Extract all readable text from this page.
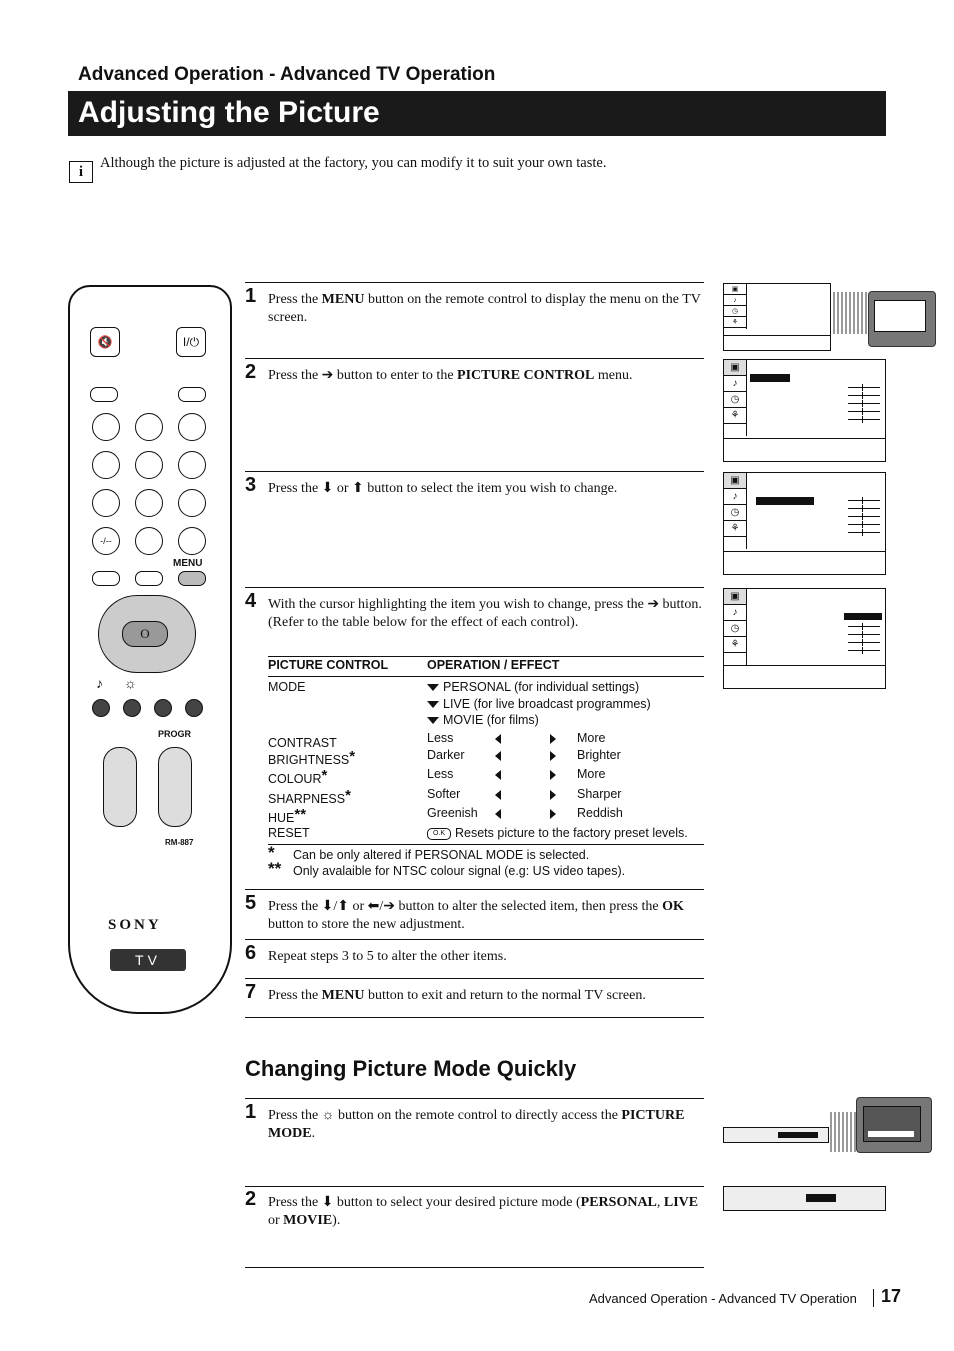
Advanced Operation - Advanced TV Operation
Adjusting the Picture
i
Although the picture is adjusted at the factory, you can modify it to suit your own taste.
🔇	I/⏻
-/--
MENU
O
♪ ☼
PROGR
RM-887
SONY
TV
1 Press the MENU button on the remote control to display the menu on the TV screen.
2 Press the ➔ button to enter to the PICTURE CONTROL menu.
3 Press the ⬇ or ⬆ button to select the item you wish to change.
4 With the cursor highlighting the item you wish to change, press the ➔ button.
(Refer to the table below for the effect of each control).
PICTURE CONTROL	OPERATION / EFFECT
MODE	PERSONAL (for individual settings)
LIVE (for live broadcast programmes)
MOVIE (for films)
CONTRAST	Less	More
BRIGHTNESS*	Darker	Brighter
COLOUR*	Less	More
SHARPNESS*	Softer	Sharper
HUE**	Greenish	Reddish
RESET	O.K Resets picture to the factory preset levels.
* Can be only altered if PERSONAL MODE is selected.
** Only avalaible for NTSC colour signal (e.g: US video tapes).
5 Press the ⬇/⬆ or ⬅/➔ button to alter the selected item, then press the OK button to store the new adjustment.
6 Repeat steps 3 to 5 to alter the other items.
7 Press the MENU button to exit and return to the normal TV screen.
▣
♪
◷
⚘
▣
♪
◷
⚘
▣
♪
◷
⚘
▣
♪
◷
⚘
Changing Picture Mode Quickly
1 Press the ☼ button on the remote control to directly access the PICTURE MODE.
2 Press the ⬇ button to select your desired picture mode (PERSONAL, LIVE or MOVIE).
Advanced Operation - Advanced TV Operation 17
